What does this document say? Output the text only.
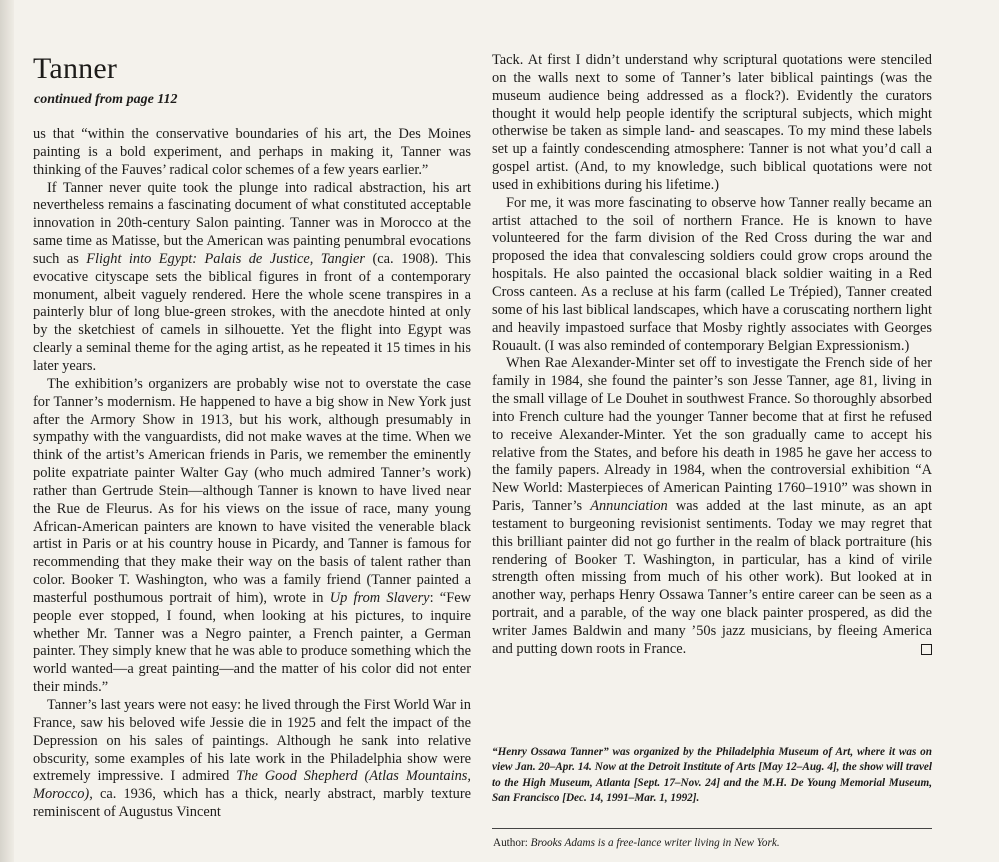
Tanner
continued from page 112

us that “within the conservative boundaries of his art, the Des Moines painting is a bold experiment, and perhaps in making it, Tanner was thinking of the Fauves’ radical color schemes of a few years earlier.”

If Tanner never quite took the plunge into radical abstraction, his art nevertheless remains a fascinating document of what constituted acceptable innovation in 20th-century Salon painting. Tanner was in Morocco at the same time as Matisse, but the American was painting penumbral evocations such as Flight into Egypt: Palais de Justice, Tangier (ca. 1908). This evocative cityscape sets the biblical figures in front of a contemporary monument, albeit vaguely rendered. Here the whole scene transpires in a painterly blur of long blue-green strokes, with the anecdote hinted at only by the sketchiest of camels in silhouette. Yet the flight into Egypt was clearly a seminal theme for the aging artist, as he repeated it 15 times in his later years.

The exhibition’s organizers are probably wise not to overstate the case for Tanner’s modernism. He happened to have a big show in New York just after the Armory Show in 1913, but his work, although presumably in sympathy with the vanguardists, did not make waves at the time. When we think of the artist’s American friends in Paris, we remember the eminently polite expatriate painter Walter Gay (who much admired Tanner’s work) rather than Gertrude Stein—although Tanner is known to have lived near the Rue de Fleurus. As for his views on the issue of race, many young African-American painters are known to have visited the venerable black artist in Paris or at his country house in Picardy, and Tanner is famous for recommending that they make their way on the basis of talent rather than color. Booker T. Washington, who was a family friend (Tanner painted a masterful posthumous portrait of him), wrote in Up from Slavery: “Few people ever stopped, I found, when looking at his pictures, to inquire whether Mr. Tanner was a Negro painter, a French painter, a German painter. They simply knew that he was able to produce something which the world wanted—a great painting—and the matter of his color did not enter their minds.”

Tanner’s last years were not easy: he lived through the First World War in France, saw his beloved wife Jessie die in 1925 and felt the impact of the Depression on his sales of paintings. Although he sank into relative obscurity, some examples of his late work in the Philadelphia show were extremely impressive. I admired The Good Shepherd (Atlas Mountains, Morocco), ca. 1936, which has a thick, nearly abstract, marbly texture reminiscent of Augustus Vincent

Tack. At first I didn’t understand why scriptural quotations were stenciled on the walls next to some of Tanner’s later biblical paintings (was the museum audience being addressed as a flock?). Evidently the curators thought it would help people identify the scriptural subjects, which might otherwise be taken as simple land- and seascapes. To my mind these labels set up a faintly condescending atmosphere: Tanner is not what you’d call a gospel artist. (And, to my knowledge, such biblical quotations were not used in exhibitions during his lifetime.)

For me, it was more fascinating to observe how Tanner really became an artist attached to the soil of northern France. He is known to have volunteered for the farm division of the Red Cross during the war and proposed the idea that convalescing soldiers could grow crops around the hospitals. He also painted the occasional black soldier waiting in a Red Cross canteen. As a recluse at his farm (called Le Trépied), Tanner created some of his last biblical landscapes, which have a coruscating northern light and heavily impastoed surface that Mosby rightly associates with Georges Rouault. (I was also reminded of contemporary Belgian Expressionism.)

When Rae Alexander-Minter set off to investigate the French side of her family in 1984, she found the painter’s son Jesse Tanner, age 81, living in the small village of Le Douhet in southwest France. So thoroughly absorbed into French culture had the younger Tanner become that at first he refused to receive Alexander-Minter. Yet the son gradually came to accept his relative from the States, and before his death in 1985 he gave her access to the family papers. Already in 1984, when the controversial exhibition “A New World: Masterpieces of American Painting 1760–1910” was shown in Paris, Tanner’s Annunciation was added at the last minute, as an apt testament to burgeoning revisionist sentiments. Today we may regret that this brilliant painter did not go further in the realm of black portraiture (his rendering of Booker T. Washington, in particular, has a kind of virile strength often missing from much of his other work). But looked at in another way, perhaps Henry Ossawa Tanner’s entire career can be seen as a portrait, and a parable, of the way one black painter prospered, as did the writer James Baldwin and many ’50s jazz musicians, by fleeing America and putting down roots in France.

“Henry Ossawa Tanner” was organized by the Philadelphia Museum of Art, where it was on view Jan. 20–Apr. 14. Now at the Detroit Institute of Arts [May 12–Aug. 4], the show will travel to the High Museum, Atlanta [Sept. 17–Nov. 24] and the M.H. De Young Memorial Museum, San Francisco [Dec. 14, 1991–Mar. 1, 1992].
Author: Brooks Adams is a free-lance writer living in New York.
